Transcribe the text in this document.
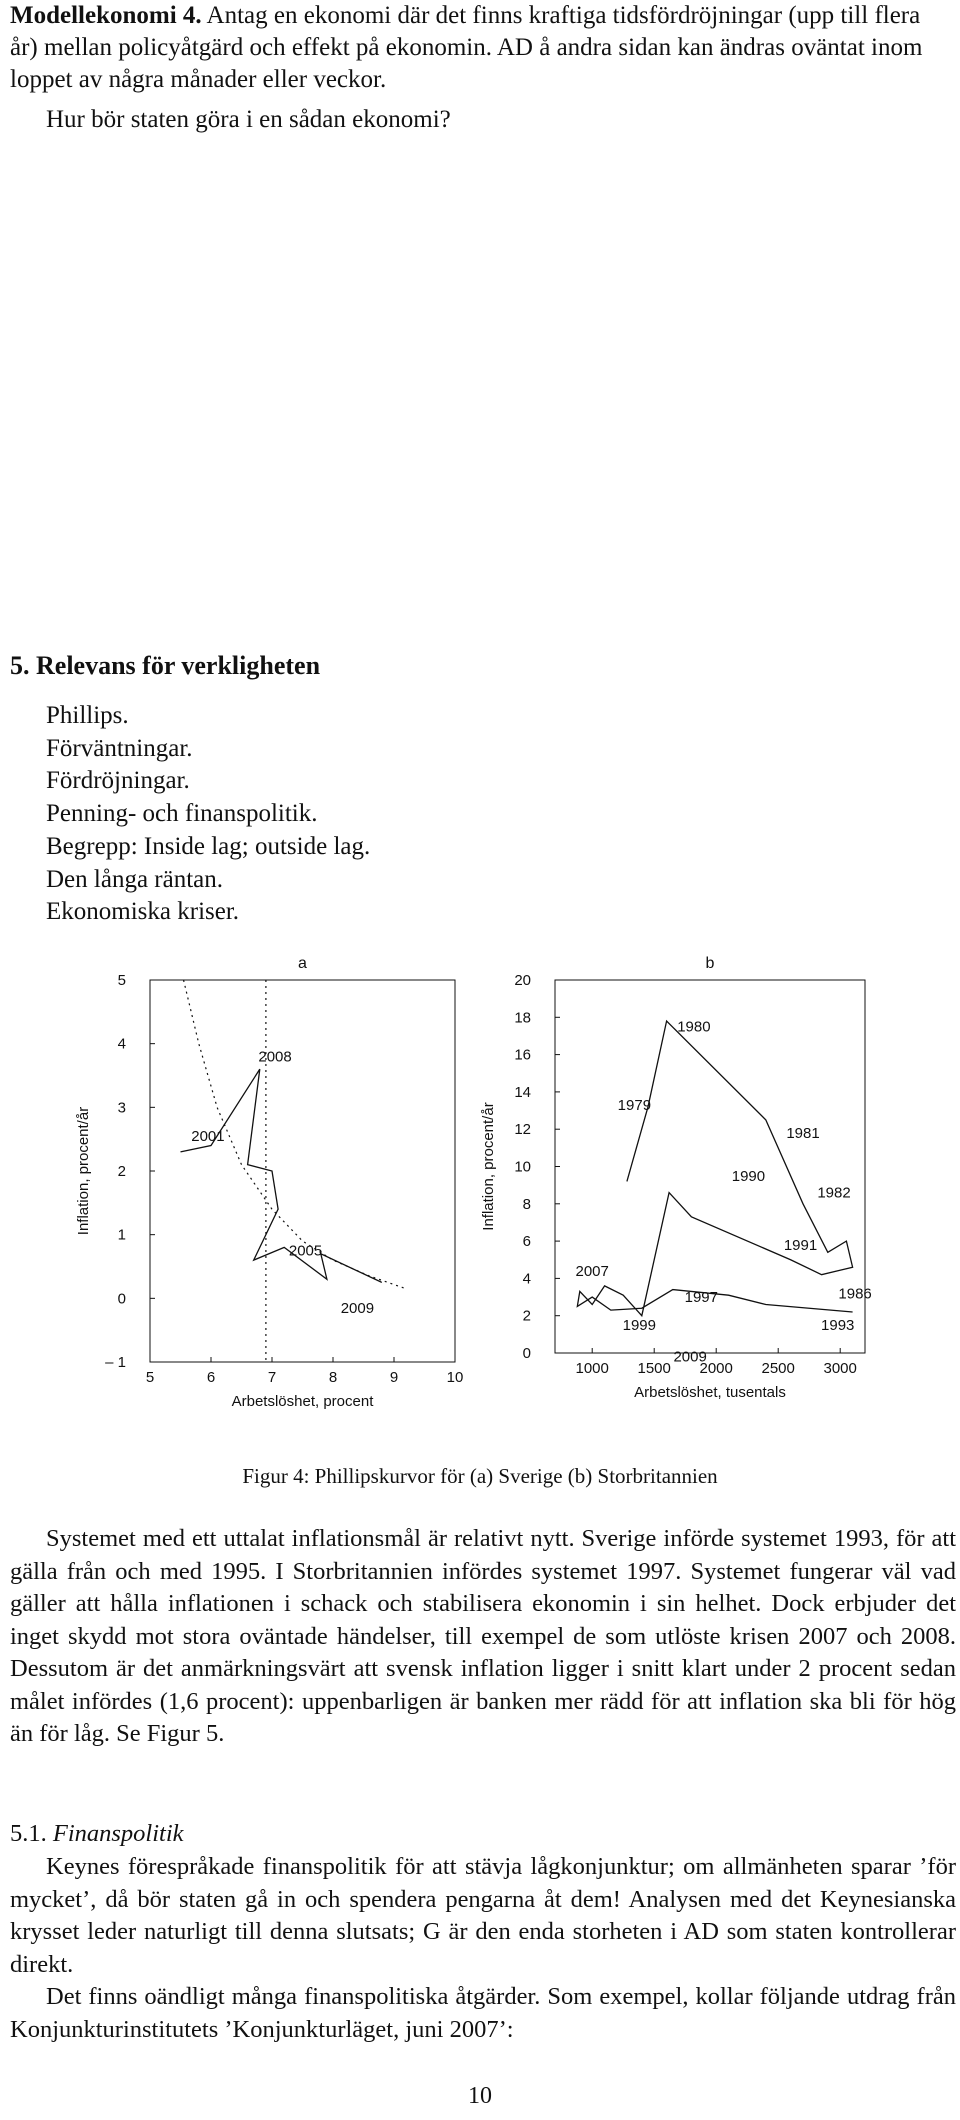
Modellekonomi 4. Antag en ekonomi där det finns kraftiga tidsfördröjningar (upp till flera år) mellan policyåtgärd och effekt på ekonomin. AD å andra sidan kan ändras oväntat inom loppet av några månader eller veckor.
Hur bör staten göra i en sådan ekonomi?
5. Relevans för verkligheten
Phillips.
Förväntningar.
Fördröjningar.
Penning- och finanspolitik.
Begrepp: Inside lag; outside lag.
Den långa räntan.
Ekonomiska kriser.
a
Inflation, procent/år
Arbetslöshet, procent
5	6	7	8	9	10
– 1
0
1
2
3
4
5
2008
2001
2005
2009
b
Inflation, procent/år
Arbetslöshet, tusentals
1000 1500 2000 2500 3000
0
2
4
6
8
10
12
14
16
18
20
1980
1979
1981
1990
1982
1991
1986
2007
1997
1999	1993
2009
Figur 4: Phillipskurvor för (a) Sverige (b) Storbritannien
Systemet med ett uttalat inflationsmål är relativt nytt. Sverige införde systemet 1993, för att gälla från och med 1995. I Storbritannien infördes systemet 1997. Systemet fungerar väl vad gäller att hålla inflationen i schack och stabilisera ekonomin i sin helhet. Dock erbjuder det inget skydd mot stora oväntade händelser, till exempel de som utlöste krisen 2007 och 2008. Dessutom är det anmärkningsvärt att svensk inflation ligger i snitt klart under 2 procent sedan målet infördes (1,6 procent): uppenbarligen är banken mer rädd för att inflation ska bli för hög än för låg. Se Figur 5.
5.1. Finanspolitik
Keynes förespråkade finanspolitik för att stävja lågkonjunktur; om allmänheten sparar ’för mycket’, då bör staten gå in och spendera pengarna åt dem! Analysen med det Keynesianska krysset leder naturligt till denna slutsats; G är den enda storheten i AD som staten kontrollerar direkt.
Det finns oändligt många finanspolitiska åtgärder. Som exempel, kollar följande utdrag från Konjunkturinstitutets ’Konjunkturläget, juni 2007’:
10
